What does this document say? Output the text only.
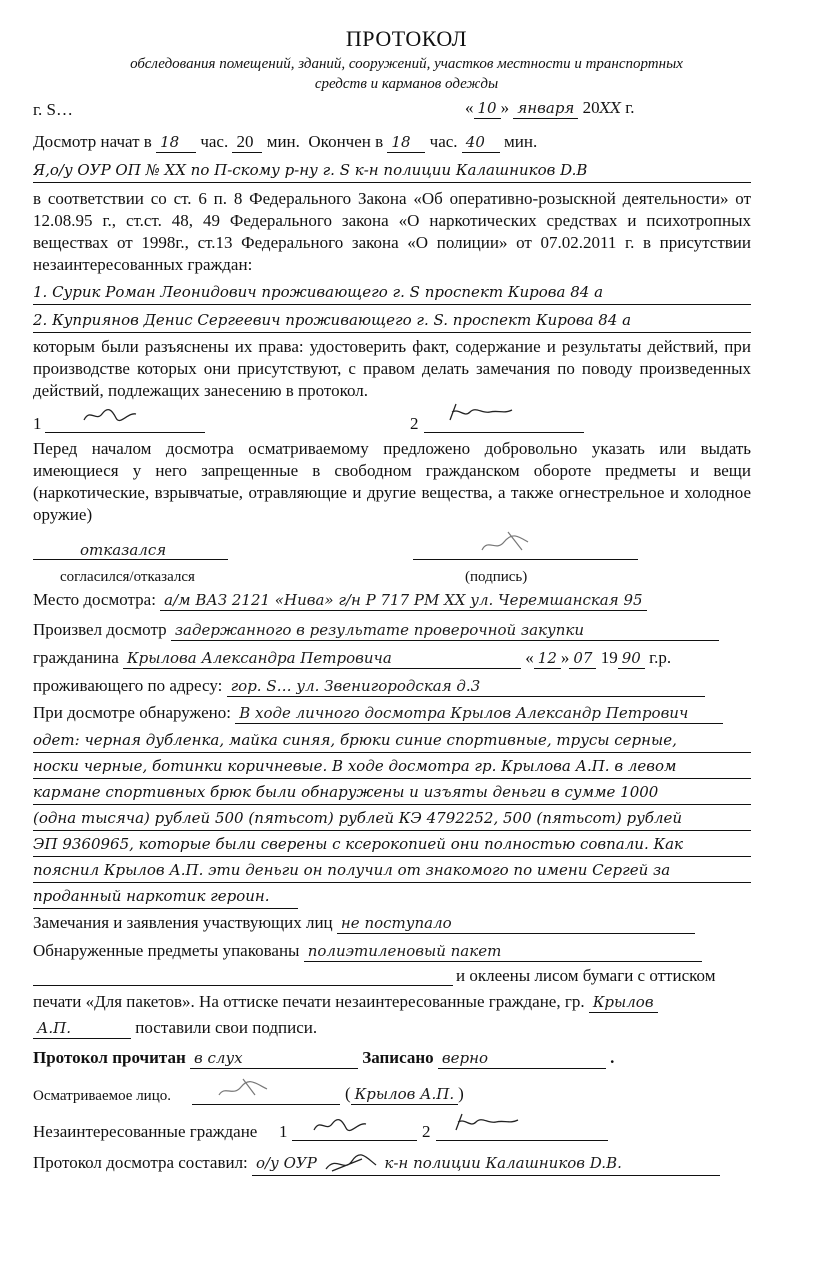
ПРОТОКОЛ
обследования помещений, зданий, сооружений, участков местности и транспортных
средств и карманов одежды
г. S…	« 10 » января 20XX г.
Досмотр начат в 18 час. 20 мин. Окончен в 18 час. 40 мин.
Я,о/у ОУР ОП № XX по П-скому р-ну г. S к-н полиции Калашников D.B
в соответствии со ст. 6 п. 8 Федерального Закона «Об оперативно-розыскной деятельности» от 12.08.95 г., ст.ст. 48, 49 Федерального закона «О наркотических средствах и психотропных веществах от 1998г., ст.13 Федерального закона «О полиции» от 07.02.2011 г. в присутствии незаинтересованных граждан:
1. Сурик Роман Леонидович проживающего г. S проспект Кирова 84 а
2. Куприянов Денис Сергеевич проживающего г. S. проспект Кирова 84 а
которым были разъяснены их права: удостоверить факт, содержание и результаты действий, при производстве которых они присутствуют, с правом делать замечания по поводу произведенных действий, подлежащих занесению в протокол.
1	2
Перед началом досмотра осматриваемому предложено добровольно указать или выдать имеющиеся у него запрещенные в свободном гражданском обороте предметы и вещи (наркотические, взрывчатые, отравляющие и другие вещества, а также огнестрельное и холодное оружие)
отказался
согласился/отказался	(подпись)
Место досмотра: а/м ВАЗ 2121 «Нива» г/н Р 717 РМ XX ул. Черемшанская 95
Произвел досмотр задержанного в результате проверочной закупки
гражданина Крылова Александра Петровича	« 12 » 07 19 90 г.р.
проживающего по адресу: гор. S… ул. Звенигородская д.3
При досмотре обнаружено: В ходе личного досмотра Крылов Александр Петрович
одет: черная дубленка, майка синяя, брюки синие спортивные, трусы серные,
носки черные, ботинки коричневые. В ходе досмотра гр. Крылова А.П. в левом
кармане спортивных брюк были обнаружены и изъяты деньги в сумме 1000
(одна тысяча) рублей 500 (пятьсот) рублей КЭ 4792252, 500 (пятьсот) рублей
ЭП 9360965, которые были сверены с ксерокопией они полностью совпали. Как
пояснил Крылов А.П. эти деньги он получил от знакомого по имени Сергей за
проданный наркотик героин.
Замечания и заявления участвующих лиц не поступало
Обнаруженные предметы упакованы полиэтиленовый пакет
и оклеены лисом бумаги с оттиском
печати «Для пакетов». На оттиске печати незаинтересованные граждане, гр. Крылов
А.П.	поставили свои подписи.
Протокол прочитан в слух	Записано верно	.
Осматриваемое лицо.	( Крылов А.П. )
Незаинтересованные граждане 1	2
Протокол досмотра составил: о/у ОУР	к-н полиции Калашников D.B.
